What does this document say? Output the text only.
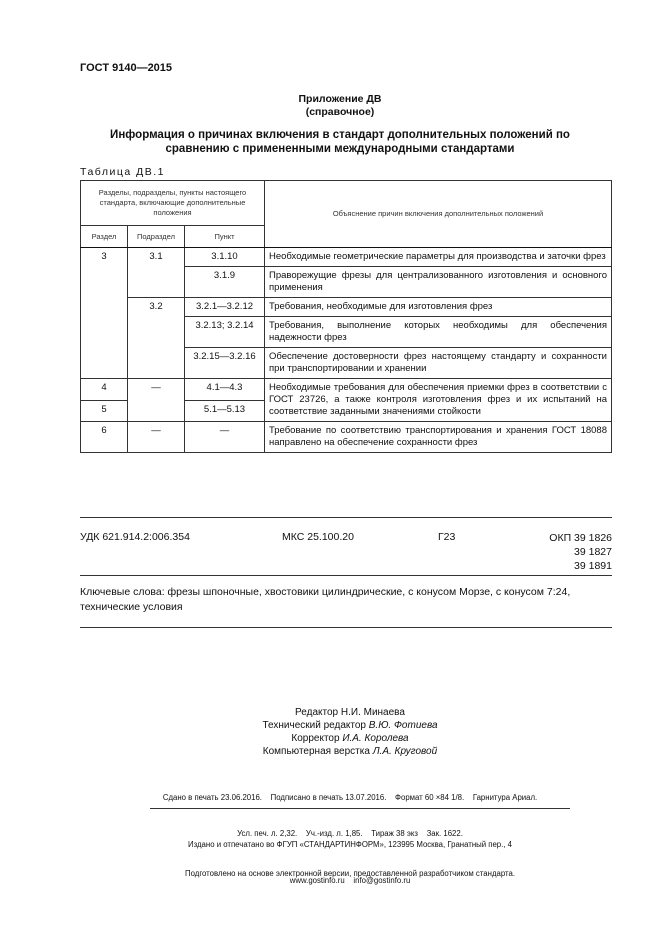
ГОСТ 9140—2015
Приложение ДВ
(справочное)
Информация о причинах включения в стандарт дополнительных положений по сравнению с примененными международными стандартами
Таблица ДВ.1
Разделы, подразделы, пункты настоящего стандарта, включающие дополнительные положения			Объяснение причин включения дополнительных положений
Раздел	Подраздел	Пункт	
3	3.1	3.1.10	Необходимые геометрические параметры для производства и заточки фрез
		3.1.9	Праворежущие фрезы для централизованного изготовления и основного применения
	3.2	3.2.1—3.2.12	Требования, необходимые для изготовления фрез
		3.2.13; 3.2.14	Требования, выполнение которых необходимы для обеспечения надежности фрез
		3.2.15—3.2.16	Обеспечение достоверности фрез настоящему стандарту и сохранности при транспортировании и хранении
4	—	4.1—4.3	Необходимые требования для обеспечения приемки фрез в соответствии с ГОСТ 23726, а также контроля изготовления фрез и их испытаний на соответствие заданными значениями стойкости
5		5.1—5.13	
6	—	—	Требование по соответствию транспортирования и хранения ГОСТ 18088 направлено на обеспечение сохранности фрез
УДК 621.914.2:006.354	МКС 25.100.20	Г23	ОКП 39 1826
39 1827
39 1891
Ключевые слова: фрезы шпоночные, хвостовики цилиндрические, с конусом Морзе, с конусом 7:24, технические условия
Редактор Н.И. Минаева
Технический редактор В.Ю. Фотиева
Корректор И.А. Королева
Компьютерная верстка Л.А. Круговой

Сдано в печать 23.06.2016.    Подписано в печать 13.07.2016.    Формат 60 ×84 1/8.    Гарнитура Ариал.

Усл. печ. л. 2,32.    Уч.-изд. л. 1,85.    Тираж 38 экз    Зак. 1622.

Подготовлено на основе электронной версии, предоставленной разработчиком стандарта.

Издано и отпечатано во ФГУП «СТАНДАРТИНФОРМ», 123995 Москва, Гранатный пер., 4

www.gostinfo.ru    info@gostinfo.ru
